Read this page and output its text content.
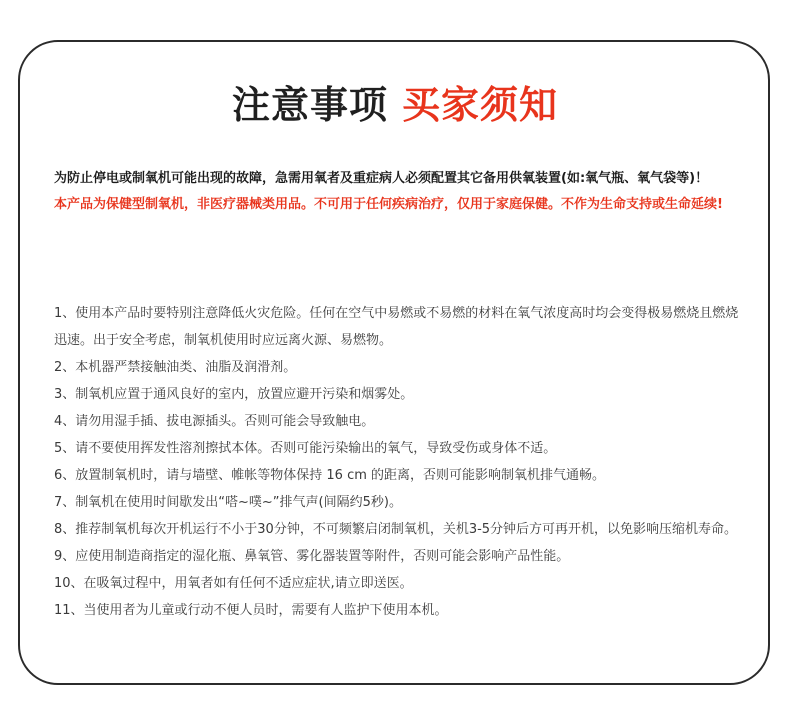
注意事项 买家须知

为防止停电或制氧机可能出现的故障，急需用氧者及重症病人必须配置其它备用供氧装置(如:氧气瓶、氧气袋等)！

本产品为保健型制氧机，非医疗器械类用品。不可用于任何疾病治疗，仅用于家庭保健。不作为生命支持或生命延续!

1、使用本产品时要特别注意降低火灾危险。任何在空气中易燃或不易燃的材料在氧气浓度高时均会变得极易燃烧且燃烧迅速。出于安全考虑，制氧机使用时应远离火源、易燃物。
2、本机器严禁接触油类、油脂及润滑剂。
3、制氧机应置于通风良好的室内，放置应避开污染和烟雾处。
4、请勿用湿手插、拔电源插头。否则可能会导致触电。
5、请不要使用挥发性溶剂擦拭本体。否则可能污染输出的氧气，导致受伤或身体不适。
6、放置制氧机时，请与墙壁、帷帐等物体保持 16 cm 的距离，否则可能影响制氧机排气通畅。
7、制氧机在使用时间歇发出“嗒~噗~”排气声(间隔约5秒)。
8、推荐制氧机每次开机运行不小于30分钟，不可频繁启闭制氧机，关机3-5分钟后方可再开机，以免影响压缩机寿命。
9、应使用制造商指定的湿化瓶、鼻氧管、雾化器装置等附件，否则可能会影响产品性能。
10、在吸氧过程中，用氧者如有任何不适应症状,请立即送医。
11、当使用者为儿童或行动不便人员时，需要有人监护下使用本机。
